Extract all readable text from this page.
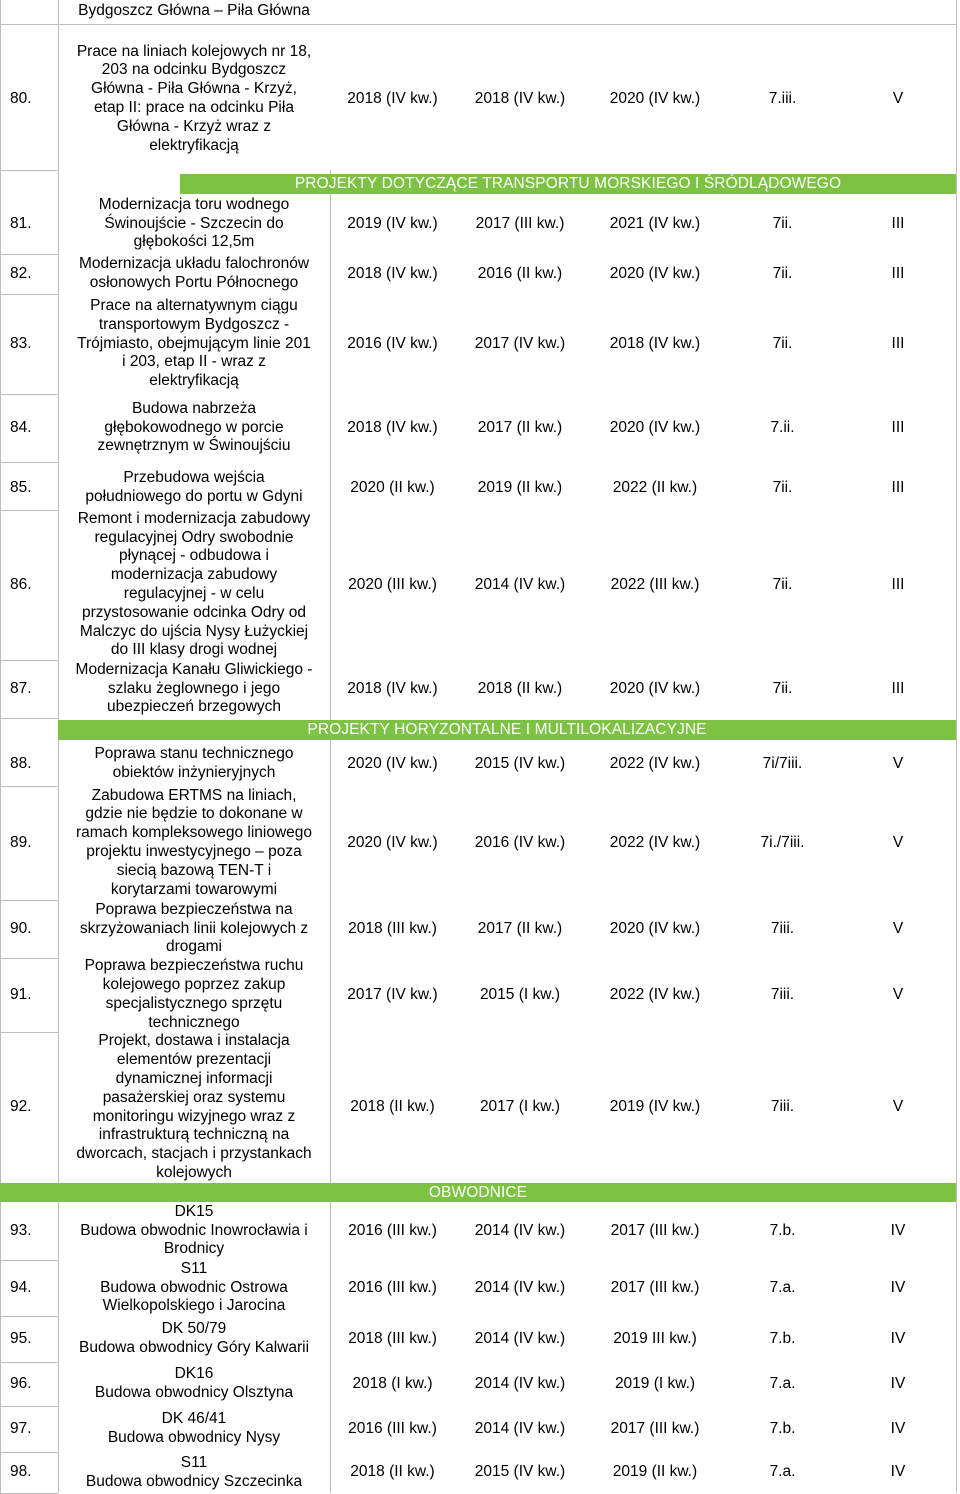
Bydgoszcz Główna – Piła Główna
80.
Prace na liniach kolejowych nr 18,
203 na odcinku Bydgoszcz
Główna - Piła Główna - Krzyż,
etap II: prace na odcinku Piła
Główna - Krzyż wraz z
elektryfikacją
2018 (IV kw.)	2018 (IV kw.)	2020 (IV kw.)	7.iii.	V
81.
Modernizacja toru wodnego
Świnoujście - Szczecin do
głębokości 12,5m
2019 (IV kw.)	2017 (III kw.)	2021 (IV kw.)	7ii.	III
82.
Modernizacja układu falochronów
osłonowych Portu Północnego
2018 (IV kw.)	2016 (II kw.)	2020 (IV kw.)	7ii.	III
83.
Prace na alternatywnym ciągu
transportowym Bydgoszcz -
Trójmiasto, obejmującym linie 201
i 203, etap II - wraz z
elektryfikacją
2016 (IV kw.)	2017 (IV kw.)	2018 (IV kw.)	7ii.	III
84.
Budowa nabrzeża
głębokowodnego w porcie
zewnętrznym w Świnoujściu
2018 (IV kw.)	2017 (II kw.)	2020 (IV kw.)	7.ii.	III
85.
Przebudowa wejścia
południowego do portu w Gdyni
2020 (II kw.)	2019 (II kw.)	2022 (II kw.)	7ii.	III
86.
Remont i modernizacja zabudowy
regulacyjnej Odry swobodnie
płynącej - odbudowa i
modernizacja zabudowy
regulacyjnej - w celu
przystosowanie odcinka Odry od
Malczyc do ujścia Nysy Łużyckiej
do III klasy drogi wodnej
2020 (III kw.)	2014 (IV kw.)	2022 (III kw.)	7ii.	III
87.
Modernizacja Kanału Gliwickiego -
szlaku żeglownego i jego
ubezpieczeń brzegowych
2018 (IV kw.)	2018 (II kw.)	2020 (IV kw.)	7ii.	III
88.
Poprawa stanu technicznego
obiektów inżynieryjnych
2020 (IV kw.)	2015 (IV kw.)	2022 (IV kw.)	7i/7iii.	V
89.
Zabudowa ERTMS na liniach,
gdzie nie będzie to dokonane w
ramach kompleksowego liniowego
projektu inwestycyjnego – poza
siecią bazową TEN-T i
korytarzami towarowymi
2020 (IV kw.)	2016 (IV kw.)	2022 (IV kw.)	7i./7iii.	V
90.
Poprawa bezpieczeństwa na
skrzyżowaniach linii kolejowych z
drogami
2018 (III kw.)	2017 (II kw.)	2020 (IV kw.)	7iii.	V
91.
Poprawa bezpieczeństwa ruchu
kolejowego poprzez zakup
specjalistycznego sprzętu
technicznego
2017 (IV kw.)	2015 (I kw.)	2022 (IV kw.)	7iii.	V
92.
Projekt, dostawa i instalacja
elementów prezentacji
dynamicznej informacji
pasażerskiej oraz systemu
monitoringu wizyjnego wraz z
infrastrukturą techniczną na
dworcach, stacjach i przystankach
kolejowych
2018 (II kw.)	2017 (I kw.)	2019 (IV kw.)	7iii.	V
93.
DK15
Budowa obwodnic Inowrocławia i
Brodnicy
2016 (III kw.)	2014 (IV kw.)	2017 (III kw.)	7.b.	IV
94.
S11
Budowa obwodnic Ostrowa
Wielkopolskiego i Jarocina
2016 (III kw.)	2014 (IV kw.)	2017 (III kw.)	7.a.	IV
95.
DK 50/79
Budowa obwodnicy Góry Kalwarii
2018 (III kw.)	2014 (IV kw.)	2019 III kw.)	7.b.	IV
96.
DK16
Budowa obwodnicy Olsztyna
2018 (I kw.)	2014 (IV kw.)	2019 (I kw.)	7.a.	IV
97.
DK 46/41
Budowa obwodnicy Nysy
2016 (III kw.)	2014 (IV kw.)	2017 (III kw.)	7.b.	IV
98.
S11
Budowa obwodnicy Szczecinka
2018 (II kw.)	2015 (IV kw.)	2019 (II kw.)	7.a.	IV
PROJEKTY DOTYCZĄCE TRANSPORTU MORSKIEGO I ŚRÓDLĄDOWEGO
PROJEKTY HORYZONTALNE I MULTILOKALIZACYJNE
OBWODNICE
